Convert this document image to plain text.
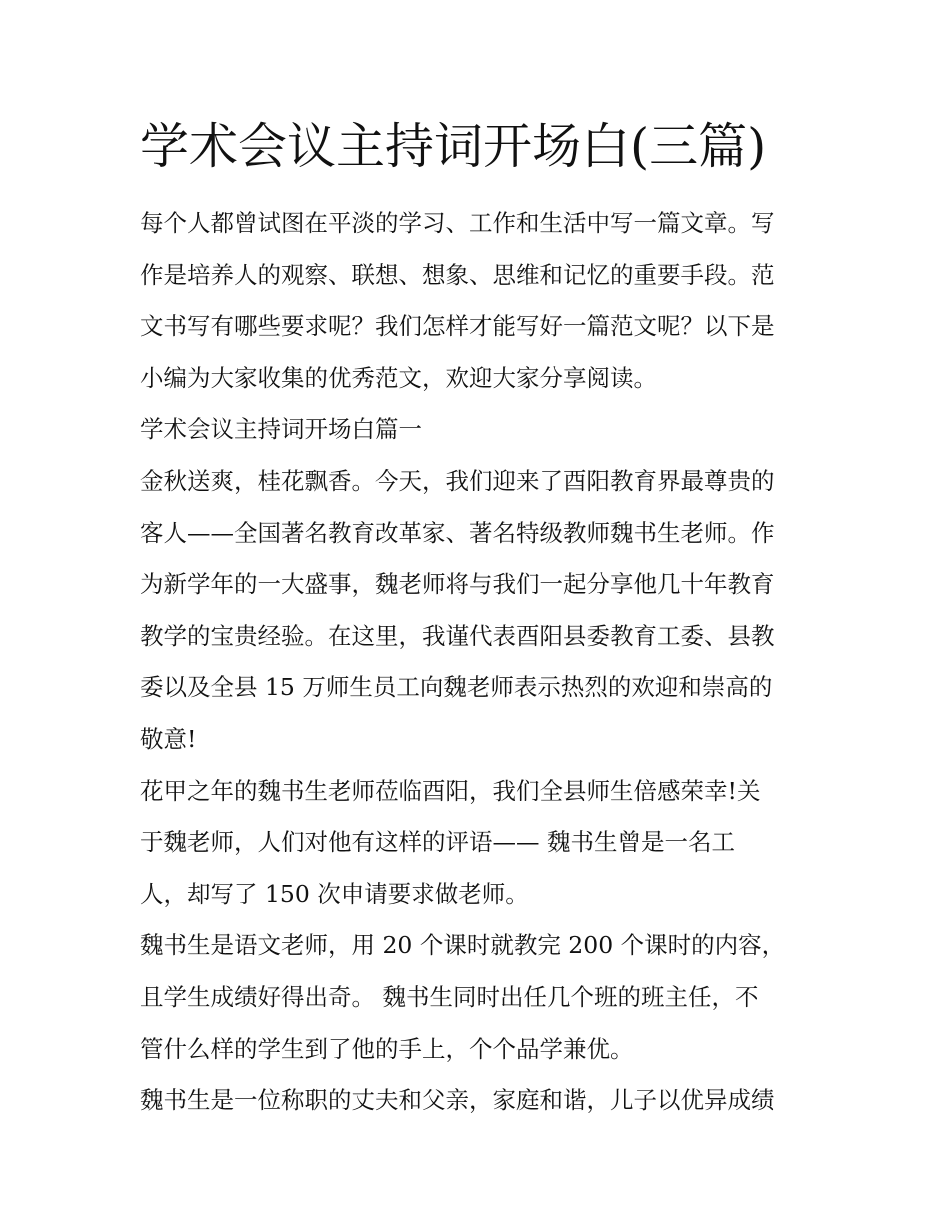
学术会议主持词开场白(三篇)
每个人都曾试图在平淡的学习、工作和生活中写一篇文章。写
作是培养人的观察、联想、想象、思维和记忆的重要手段。范
文书写有哪些要求呢？我们怎样才能写好一篇范文呢？以下是
小编为大家收集的优秀范文，欢迎大家分享阅读。
学术会议主持词开场白篇一
金秋送爽，桂花飘香。今天，我们迎来了酉阳教育界最尊贵的
客人——全国著名教育改革家、著名特级教师魏书生老师。作
为新学年的一大盛事，魏老师将与我们一起分享他几十年教育
教学的宝贵经验。在这里，我谨代表酉阳县委教育工委、县教
委以及全县 15 万师生员工向魏老师表示热烈的欢迎和崇高的
敬意!
花甲之年的魏书生老师莅临酉阳，我们全县师生倍感荣幸!关
于魏老师，人们对他有这样的评语—— 魏书生曾是一名工
人，却写了 150 次申请要求做老师。
魏书生是语文老师，用 20 个课时就教完 200 个课时的内容，
且学生成绩好得出奇。 魏书生同时出任几个班的班主任，不
管什么样的学生到了他的手上，个个品学兼优。
魏书生是一位称职的丈夫和父亲，家庭和谐，儿子以优异成绩
